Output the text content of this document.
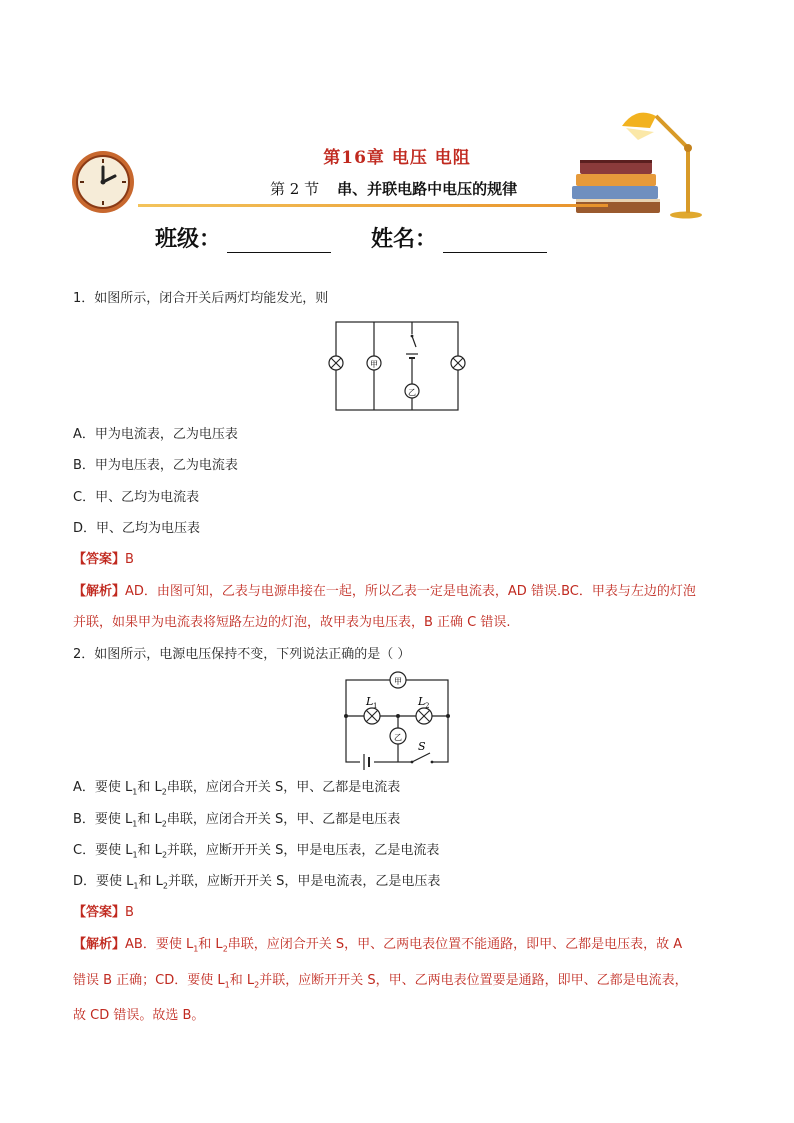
第16章 电压 电阻
第 2 节 串、并联电路中电压的规律
班级：	姓名：
1．如图所示，闭合开关后两灯均能发光，则
甲
乙
A．甲为电流表，乙为电压表
B．甲为电压表，乙为电流表
C．甲、乙均为电流表
D．甲、乙均为电压表
【答案】B
【解析】AD．由图可知，乙表与电源串接在一起，所以乙表一定是电流表，AD 错误.BC．甲表与左边的灯泡
并联，如果甲为电流表将短路左边的灯泡，故甲表为电压表，B 正确 C 错误.
2．如图所示，电源电压保持不变，下列说法正确的是（ ）
甲
乙
L 1	L 2
S
A．要使 $L_1$和 $L_2$串联，应闭合开关 S，甲、乙都是电流表
B．要使 $L_1$和 $L_2$串联，应闭合开关 S，甲、乙都是电压表
C．要使 $L_1$和 $L_2$并联，应断开开关 S，甲是电压表，乙是电流表
D．要使 $L_1$和 $L_2$并联，应断开开关 S，甲是电流表，乙是电压表
【答案】B
【解析】AB．要使 $L_1$和 $L_2$串联，应闭合开关 S，甲、乙两电表位置不能通路，即甲、乙都是电压表，故 A
错误 B 正确；CD．要使 $L_1$和 $L_2$并联，应断开开关 S，甲、乙两电表位置要是通路，即甲、乙都是电流表，
故 CD 错误。故选 B。
